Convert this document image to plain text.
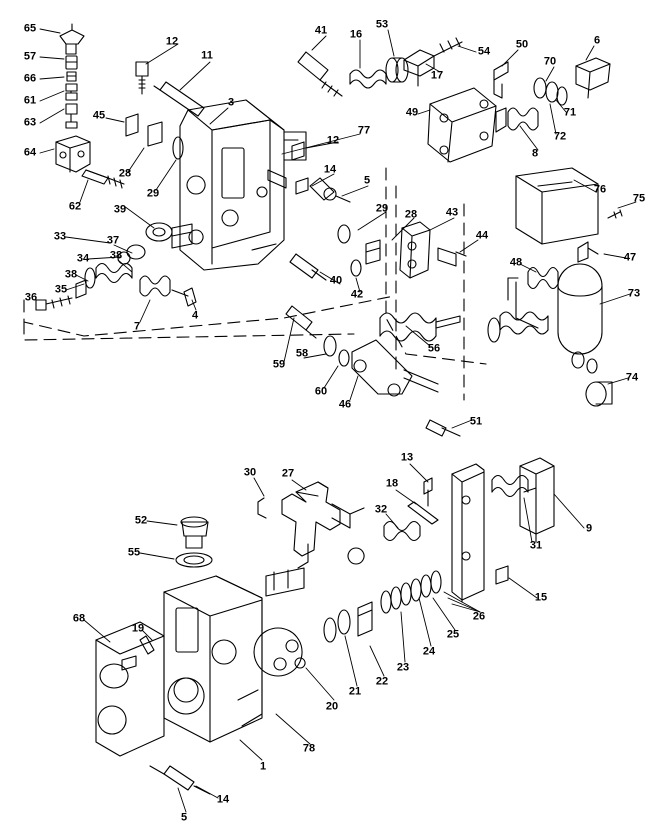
65
12
11
41 16
53
54
50	6
57
66
70
17
61	3
45	49	71
63
12
77	72
64	8
28	14
5
76
62
29	75
39	29 28	43
33	37	44
47
34 38
38
48
35
40
42
36	73
7
4
56
59
58
60
46
74
51
30 27
13
18
32
9
31
52
55
15
26
68
25
19
24
23
22
21
20
78
1
14
5
